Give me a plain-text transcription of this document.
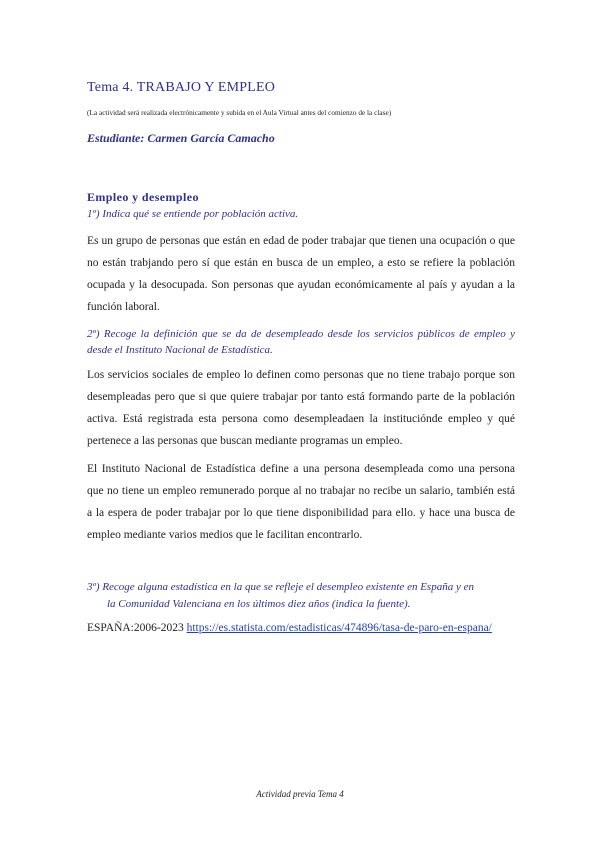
Tema 4. TRABAJO Y EMPLEO
(La actividad será realizada electrónicamente y subida en el Aula Virtual antes del comienzo de la clase)
Estudiante: Carmen García Camacho
Empleo y desempleo
1º) Indica qué se entiende por población activa.
Es un grupo de personas que están en edad de poder trabajar que tienen una ocupación o que no están trabjando pero sí que están en busca de un empleo, a esto se refiere la población ocupada y la desocupada. Son personas que ayudan económicamente al país y ayudan a la función laboral.
2º) Recoge la definición que se da de desempleado desde los servicios públicos de empleo y desde el Instituto Nacional de Estadística.
Los servicios sociales de empleo lo definen como personas que no tiene trabajo porque son desempleadas pero que si que quiere trabajar por tanto está formando parte de la población activa. Está registrada esta persona como desempleadaen la instituciónde empleo y qué pertenece a las personas que buscan mediante programas un empleo.
El Instituto Nacional de Estadística define a una persona desempleada como una persona que no tiene un empleo remunerado porque al no trabajar no recibe un salario, también está a la espera de poder trabajar por lo que tiene disponibilidad para ello. y hace una busca de empleo mediante varios medios que le facilitan encontrarlo.
3º) Recoge alguna estadística en la que se refleje el desempleo existente en España y en
la Comunidad Valenciana en los últimos diez años (indica la fuente).
ESPAÑA:2006-2023 https://es.statista.com/estadisticas/474896/tasa-de-paro-en-espana/
Actividad previa Tema 4
